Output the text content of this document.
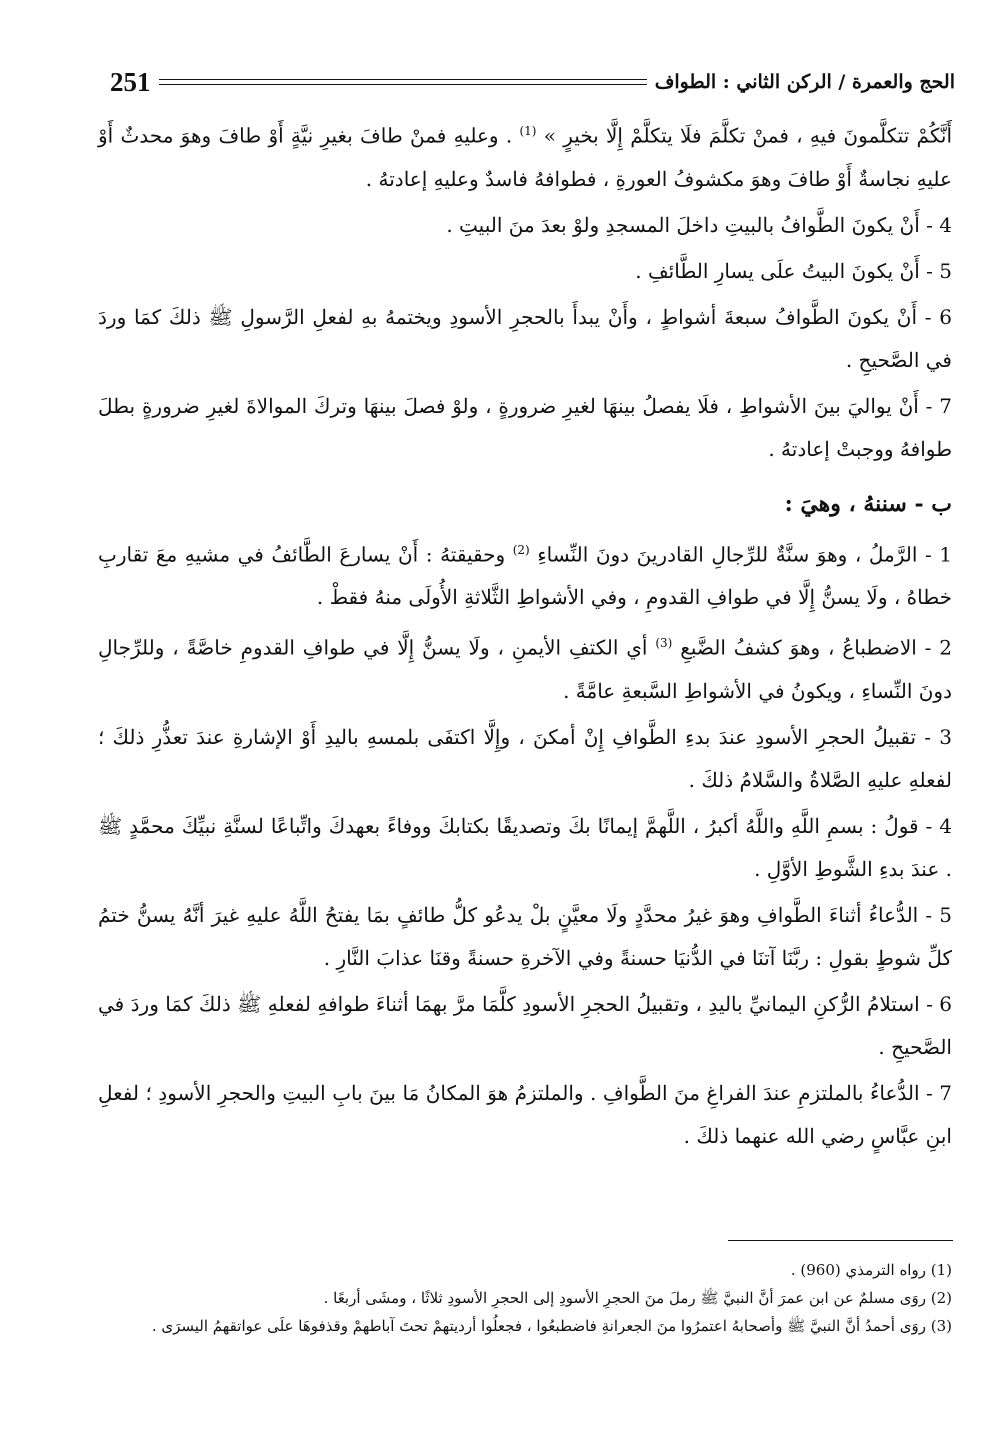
الحج والعمرة / الركن الثاني : الطواف
251

أَنَّكُمْ تتكلَّمونَ فيهِ ، فمنْ تكلَّمَ فلَا يتكلَّمْ إِلَّا بخيرٍ » $^{(1)}$ . وعليهِ فمنْ طافَ بغيرِ نيَّةٍ أَوْ طافَ وهوَ محدثٌ أَوْ عليهِ نجاسةٌ أَوْ طافَ وهوَ مكشوفُ العورةِ ، فطوافهُ فاسدٌ وعليهِ إعادتهُ .

4 - أَنْ يكونَ الطَّوافُ بالبيتِ داخلَ المسجدِ ولوْ بعدَ منَ البيتِ .

5 - أَنْ يكونَ البيتُ علَى يسارِ الطَّائفِ .

6 - أَنْ يكونَ الطَّوافُ سبعةَ أشواطٍ ، وأَنْ يبدأَ بالحجرِ الأسودِ ويختمهُ بهِ لفعلِ الرَّسولِ ﷺ ذلكَ كمَا وردَ في الصَّحيحِ .

7 - أَنْ يواليَ بينَ الأشواطِ ، فلَا يفصلُ بينهَا لغيرِ ضرورةٍ ، ولوْ فصلَ بينهَا وتركَ الموالاةَ لغيرِ ضرورةٍ بطلَ طوافهُ ووجبتْ إعادتهُ .

ب - سننهُ ، وهيَ :

1 - الرَّملُ ، وهوَ سنَّةٌ للرِّجالِ القادرينَ دونَ النِّساءِ $^{(2)}$ وحقيقتهُ : أَنْ يسارعَ الطَّائفُ في مشيهِ معَ تقاربِ خطاهُ ، ولَا يسنُّ إِلَّا في طوافِ القدومِ ، وفي الأشواطِ الثَّلاثةِ الأُولَى منهُ فقطْ .

2 - الاضطباعُ ، وهوَ كشفُ الضَّبعِ $^{(3)}$ أي الكتفِ الأيمنِ ، ولَا يسنُّ إِلَّا في طوافِ القدومِ خاصَّةً ، وللرِّجالِ دونَ النِّساءِ ، ويكونُ في الأشواطِ السَّبعةِ عامَّةً .

3 - تقبيلُ الحجرِ الأسودِ عندَ بدءِ الطَّوافِ إِنْ أمكنَ ، وإِلَّا اكتفَى بلمسهِ باليدِ أَوْ الإشارةِ عندَ تعذُّرِ ذلكَ ؛ لفعلهِ عليهِ الصَّلاةُ والسَّلامُ ذلكَ .

4 - قولُ : بسمِ اللَّهِ واللَّهُ أكبرُ ، اللَّهمَّ إيمانًا بكَ وتصديقًا بكتابكَ ووفاءً بعهدكَ واتِّباعًا لسنَّةِ نبيِّكَ محمَّدٍ ﷺ . عندَ بدءِ الشَّوطِ الأوَّلِ .

5 - الدُّعاءُ أثناءَ الطَّوافِ وهوَ غيرُ محدَّدٍ ولَا معيَّنٍ بلْ يدعُو كلُّ طائفٍ بمَا يفتحُ اللَّهُ عليهِ غيرَ أنَّهُ يسنُّ ختمُ كلِّ شوطٍ بقولِ : ربَّنَا آتنَا في الدُّنيَا حسنةً وفي الآخرةِ حسنةً وقنَا عذابَ النَّارِ .

6 - استلامُ الرُّكنِ اليمانيِّ باليدِ ، وتقبيلُ الحجرِ الأسودِ كلَّمَا مرَّ بهمَا أثناءَ طوافهِ لفعلهِ ﷺ ذلكَ كمَا وردَ في الصَّحيحِ .

7 - الدُّعاءُ بالملتزمِ عندَ الفراغِ منَ الطَّوافِ . والملتزمُ هوَ المكانُ مَا بينَ بابِ البيتِ والحجرِ الأسودِ ؛ لفعلِ ابنِ عبَّاسٍ رضي الله عنهما ذلكَ .

(1) رواه الترمذي (960) .

(2) روَى مسلمٌ عن ابن عمرَ أنَّ النبيَّ ﷺ رملَ منَ الحجرِ الأسودِ إلى الحجرِ الأسودِ ثلاثًا ، ومشَى أربعًا .

(3) روَى أحمدُ أنَّ النبيَّ ﷺ وأصحابهُ اعتمرُوا منَ الجعرانةِ فاضطبعُوا ، فجعلُوا أرديتهمْ تحتَ آباطهمْ وقذفوهَا علَى عواتقهمُ اليسرَى .
